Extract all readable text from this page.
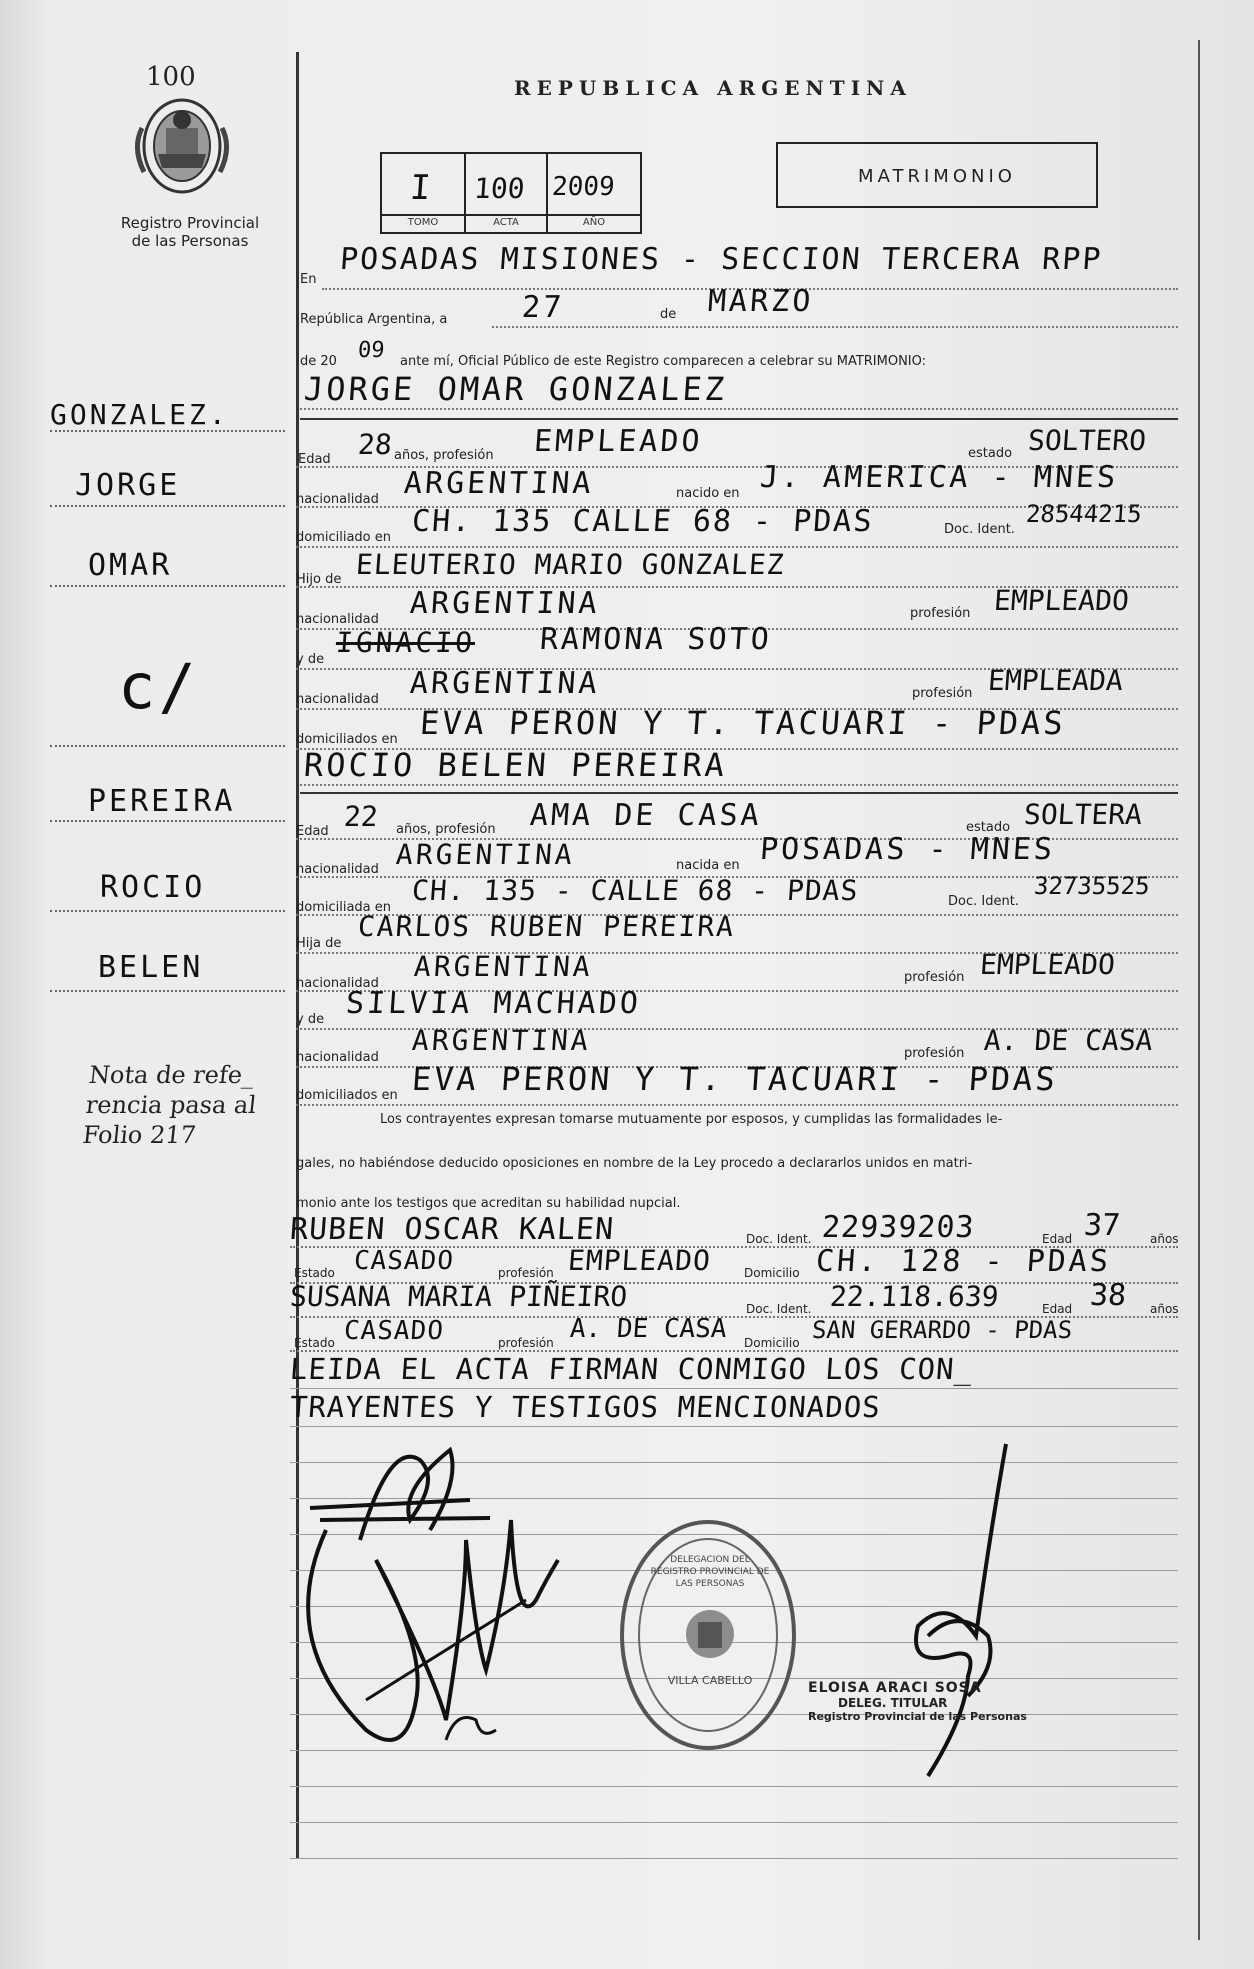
100
Registro Provincial
de las Personas
GONZALEZ.
JORGE
OMAR
c/
PEREIRA
ROCIO
BELEN
Nota de refe_
rencia pasa al
Folio 217
REPUBLICA ARGENTINA
I 100 2009
TOMO	ACTA	AÑO
MATRIMONIO
En
POSADAS MISIONES - SECCION TERCERA RPP
República Argentina, a 27	de MARZO
de 20 09 ante mí, Oficial Público de este Registro comparecen a celebrar su MATRIMONIO:
JORGE OMAR GONZALEZ
Edad 28 años, profesión EMPLEADO	estado SOLTERO
nacionalidad ARGENTINA	nacido en J. AMERICA - MNES
domiciliado en CH. 135 CALLE 68 - PDAS	Doc. Ident.
28544215
Hijo de ELEUTERIO MARIO GONZALEZ
nacionalidad ARGENTINA	profesión EMPLEADO
y de
IGNACIO RAMONA SOTO
nacionalidad ARGENTINA	profesión EMPLEADA
domiciliados en EVA PERON Y T. TACUARI - PDAS
ROCIO BELEN PEREIRA
Edad 22 años, profesión AMA DE CASA	estado SOLTERA
nacionalidad ARGENTINA	nacida en POSADAS - MNES
domiciliada en
CH. 135 - CALLE 68 - PDAS	Doc. Ident.
32735525
Hija de
CARLOS RUBEN PEREIRA
nacionalidad
ARGENTINA	profesión EMPLEADO
y de SILVIA MACHADO
nacionalidad
ARGENTINA	profesión A. DE CASA
domiciliados en EVA PERON Y T. TACUARI - PDAS
Los contrayentes expresan tomarse mutuamente por esposos, y cumplidas las formalidades le-
gales, no habiéndose deducido oposiciones en nombre de la Ley procedo a declararlos unidos en matri-
monio ante los testigos que acreditan su habilidad nupcial.
RUBEN OSCAR KALEN	Doc. Ident. 22939203	Edad 37 años
Estado CASADO	profesión EMPLEADO	Domicilio CH. 128 - PDAS
SUSANA MARIA PIÑEIRO	Doc. Ident. 22.118.639	Edad 38 años
Estado CASADO	profesión A. DE CASA Domicilio SAN GERARDO - PDAS
LEIDA EL ACTA FIRMAN CONMIGO LOS CON_
TRAYENTES Y TESTIGOS MENCIONADOS
VILLA CABELLO
DELEGACION DEL REGISTRO PROVINCIAL DE LAS PERSONAS
ELOISA ARACI SOSA
DELEG. TITULAR
Registro Provincial de las Personas
